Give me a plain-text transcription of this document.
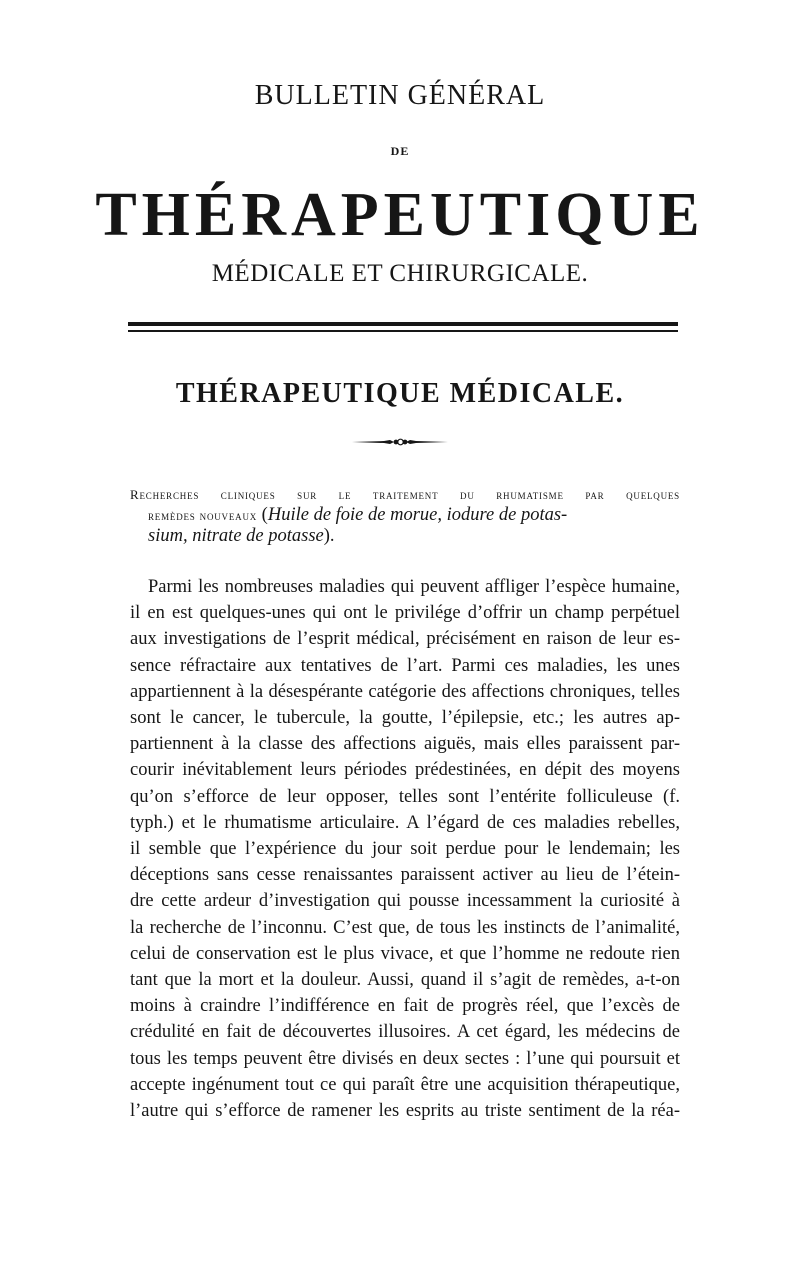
BULLETIN GÉNÉRAL
DE
THÉRAPEUTIQUE
MÉDICALE ET CHIRURGICALE.
THÉRAPEUTIQUE MÉDICALE.
Recherches cliniques sur le traitement du rhumatisme par quelques
remèdes nouveaux (Huile de foie de morue, iodure de potas-
sium, nitrate de potasse).
Parmi les nombreuses maladies qui peuvent affliger l’espèce humaine,
il en est quelques-unes qui ont le privilége d’offrir un champ perpétuel
aux investigations de l’esprit médical, précisément en raison de leur es-
sence réfractaire aux tentatives de l’art. Parmi ces maladies, les unes
appartiennent à la désespérante catégorie des affections chroniques, telles
sont le cancer, le tubercule, la goutte, l’épilepsie, etc.; les autres ap-
partiennent à la classe des affections aiguës, mais elles paraissent par-
courir inévitablement leurs périodes prédestinées, en dépit des moyens
qu’on s’efforce de leur opposer, telles sont l’entérite folliculeuse (f.
typh.) et le rhumatisme articulaire. A l’égard de ces maladies rebelles,
il semble que l’expérience du jour soit perdue pour le lendemain; les
déceptions sans cesse renaissantes paraissent activer au lieu de l’étein-
dre cette ardeur d’investigation qui pousse incessamment la curiosité à
la recherche de l’inconnu. C’est que, de tous les instincts de l’animalité,
celui de conservation est le plus vivace, et que l’homme ne redoute rien
tant que la mort et la douleur. Aussi, quand il s’agit de remèdes, a-t-on
moins à craindre l’indifférence en fait de progrès réel, que l’excès de
crédulité en fait de découvertes illusoires. A cet égard, les médecins de
tous les temps peuvent être divisés en deux sectes : l’une qui poursuit et
accepte ingénument tout ce qui paraît être une acquisition thérapeutique,
l’autre qui s’efforce de ramener les esprits au triste sentiment de la réa-
